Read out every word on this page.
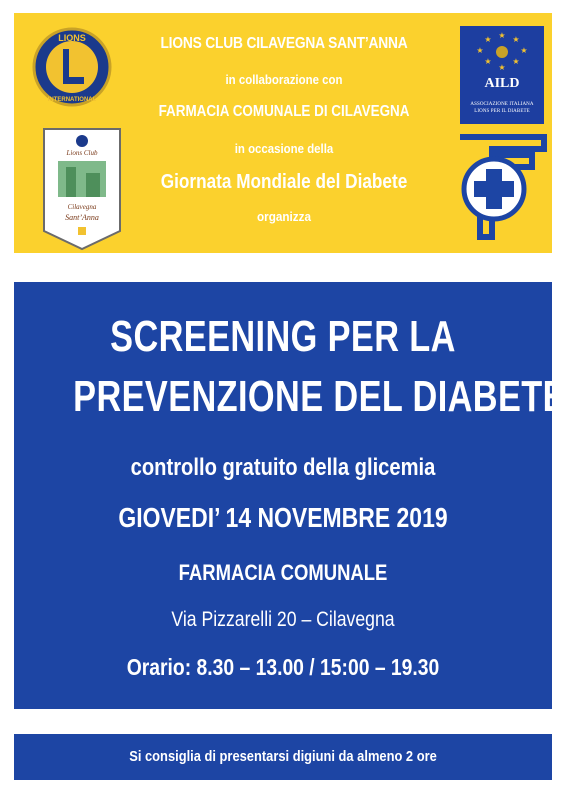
LIONS
INTERNATIONAL
Lions Club
Cilavegna
Sant’Anna
LIONS CLUB CILAVEGNA SANT’ANNA
in collaborazione con
FARMACIA COMUNALE DI CILAVEGNA
in occasione della
Giornata Mondiale del Diabete
organizza
★ ★
★
★
★
★
★
★
AILD
ASSOCIAZIONE ITALIANA
LIONS PER IL DIABETE
SCREENING PER LA
PREVENZIONE DEL DIABETE
controllo gratuito della glicemia
GIOVEDI’ 14 NOVEMBRE 2019
FARMACIA COMUNALE
Via Pizzarelli 20 – Cilavegna
Orario: 8.30 – 13.00 / 15:00 – 19.30
Si consiglia di presentarsi digiuni da almeno 2 ore
